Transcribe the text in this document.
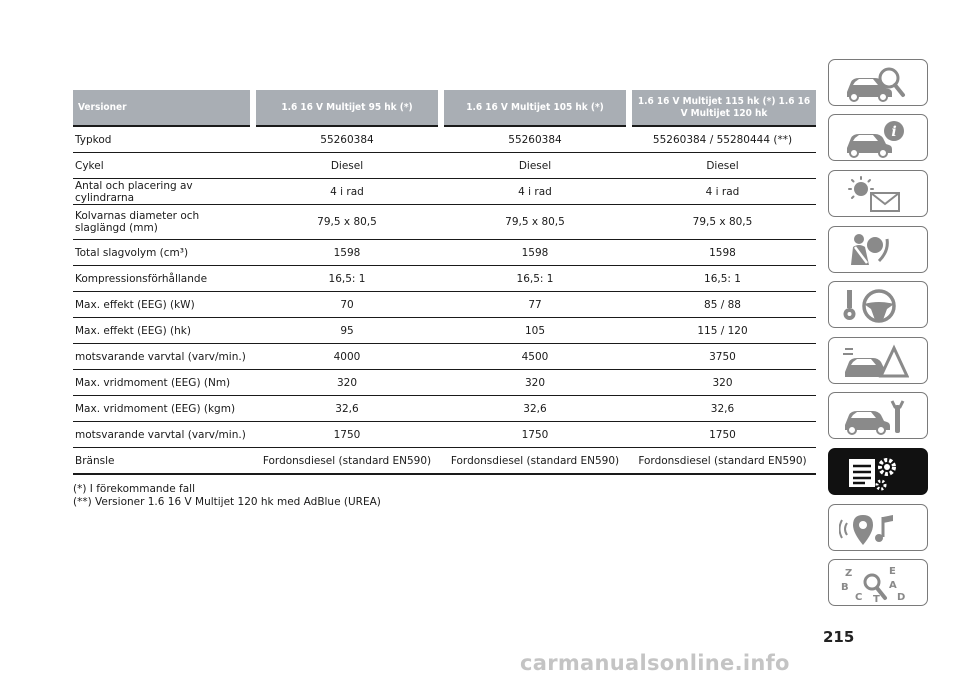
Versioner	1.6 16 V Multijet 95 hk (*)	1.6 16 V Multijet 105 hk (*)	1.6 16 V Multijet 115 hk (*) 1.6 16 V Multijet 120 hk
Typkod	55260384	55260384	55260384 / 55280444 (**)
Cykel	Diesel	Diesel	Diesel
Antal och placering av cylindrarna	4 i rad	4 i rad	4 i rad
Kolvarnas diameter och slaglängd (mm)	79,5 x 80,5	79,5 x 80,5	79,5 x 80,5
Total slagvolym (cm³)	1598	1598	1598
Kompressionsförhållande	16,5: 1	16,5: 1	16,5: 1
Max. effekt (EEG) (kW)	70	77	85 / 88
Max. effekt (EEG) (hk)	95	105	115 / 120
motsvarande varvtal (varv/min.)	4000	4500	3750
Max. vridmoment (EEG) (Nm)	320	320	320
Max. vridmoment (EEG) (kgm)	32,6	32,6	32,6
motsvarande varvtal (varv/min.)	1750	1750	1750
Bränsle	Fordonsdiesel (standard EN590)	Fordonsdiesel (standard EN590)	Fordonsdiesel (standard EN590)
(*) I förekommande fall
(**) Versioner 1.6 16 V Multijet 120 hk med AdBlue (UREA)
i
Z	E
B	A
C	D
T
215
carmanualsonline.info
